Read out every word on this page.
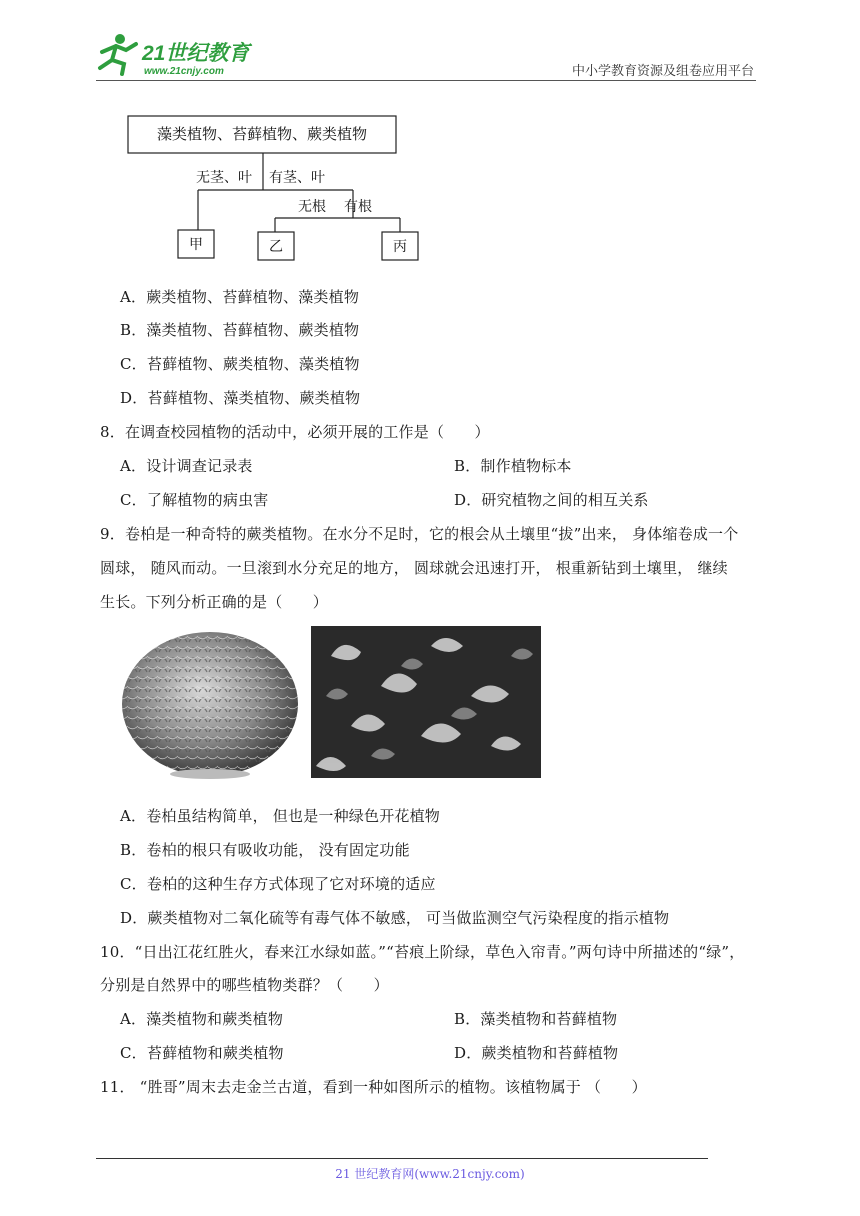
21世纪教育
www.21cnjy.com	中小学教育资源及组卷应用平台
藻类植物、苔藓植物、蕨类植物
无茎、叶 有茎、叶
无根 有根
甲	乙	丙
A．蕨类植物、苔藓植物、藻类植物
B．藻类植物、苔藓植物、蕨类植物
C．苔藓植物、蕨类植物、藻类植物
D．苔藓植物、藻类植物、蕨类植物
8．在调查校园植物的活动中，必须开展的工作是（　　）
A．设计调查记录表	B．制作植物标本
C．了解植物的病虫害	D．研究植物之间的相互关系
9．卷柏是一种奇特的蕨类植物。在水分不足时，它的根会从土壤里“拔”出来， 身体缩卷成一个
圆球， 随风而动。一旦滚到水分充足的地方， 圆球就会迅速打开， 根重新钻到土壤里， 继续
生长。下列分析正确的是（　　）
A．卷柏虽结构简单， 但也是一种绿色开花植物
B．卷柏的根只有吸收功能， 没有固定功能
C．卷柏的这种生存方式体现了它对环境的适应
D．蕨类植物对二氧化硫等有毒气体不敏感， 可当做监测空气污染程度的指示植物
10．“日出江花红胜火，春来江水绿如蓝。”“苔痕上阶绿，草色入帘青。”两句诗中所描述的“绿”，
分别是自然界中的哪些植物类群？（　　）
A．藻类植物和蕨类植物	B．藻类植物和苔藓植物
C．苔藓植物和蕨类植物	D．蕨类植物和苔藓植物
11． “胜哥”周末去走金兰古道，看到一种如图所示的植物。该植物属于 （　　）
21 世纪教育网(www.21cnjy.com)
